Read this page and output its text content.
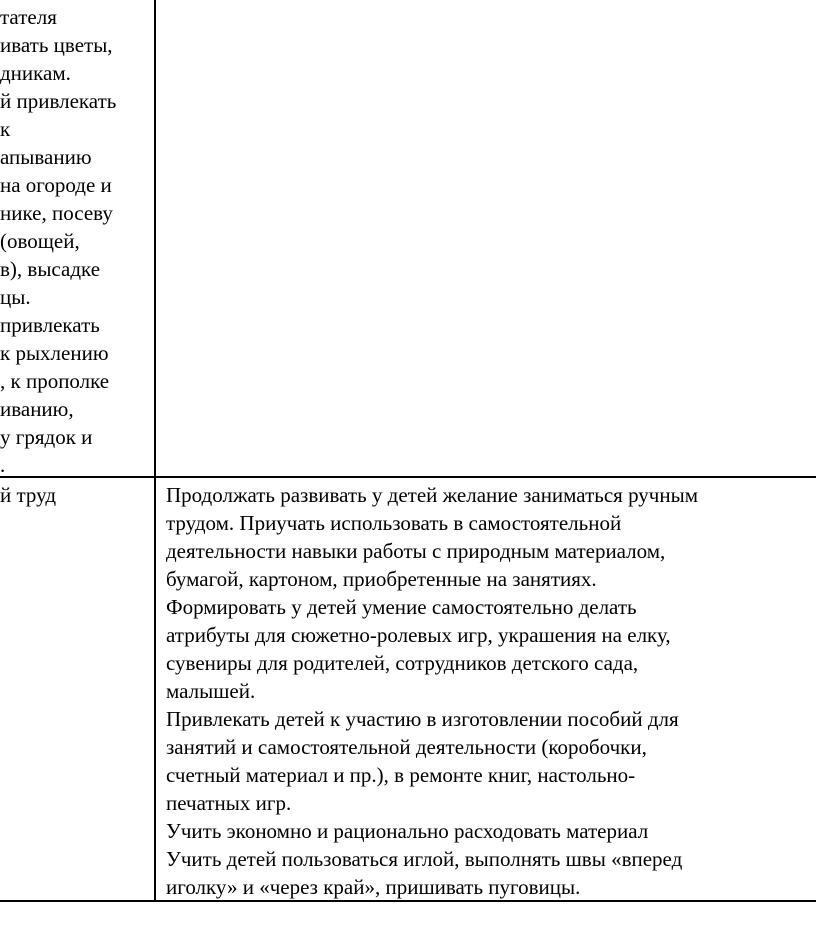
тателя
ивать цветы,
дникам.
й привлекать
к
апыванию
на огороде и
нике, посеву
(овощей,
в), высадке
цы.
привлекать
к рыхлению
, к прополке
иванию,
у грядок и
.
й труд	Продолжать развивать у детей желание заниматься ручным
трудом. Приучать использовать в самостоятельной
деятельности навыки работы с природным материалом,
бумагой, картоном, приобретенные на занятиях.
Формировать у детей умение самостоятельно делать
атрибуты для сюжетно-ролевых игр, украшения на елку,
сувениры для родителей, сотрудников детского сада,
малышей.
Привлекать детей к участию в изготовлении пособий для
занятий и самостоятельной деятельности (коробочки,
счетный материал и пр.), в ремонте книг, настольно-
печатных игр.
Учить экономно и рационально расходовать материал
Учить детей пользоваться иглой, выполнять швы «вперед
иголку» и «через край», пришивать пуговицы.
